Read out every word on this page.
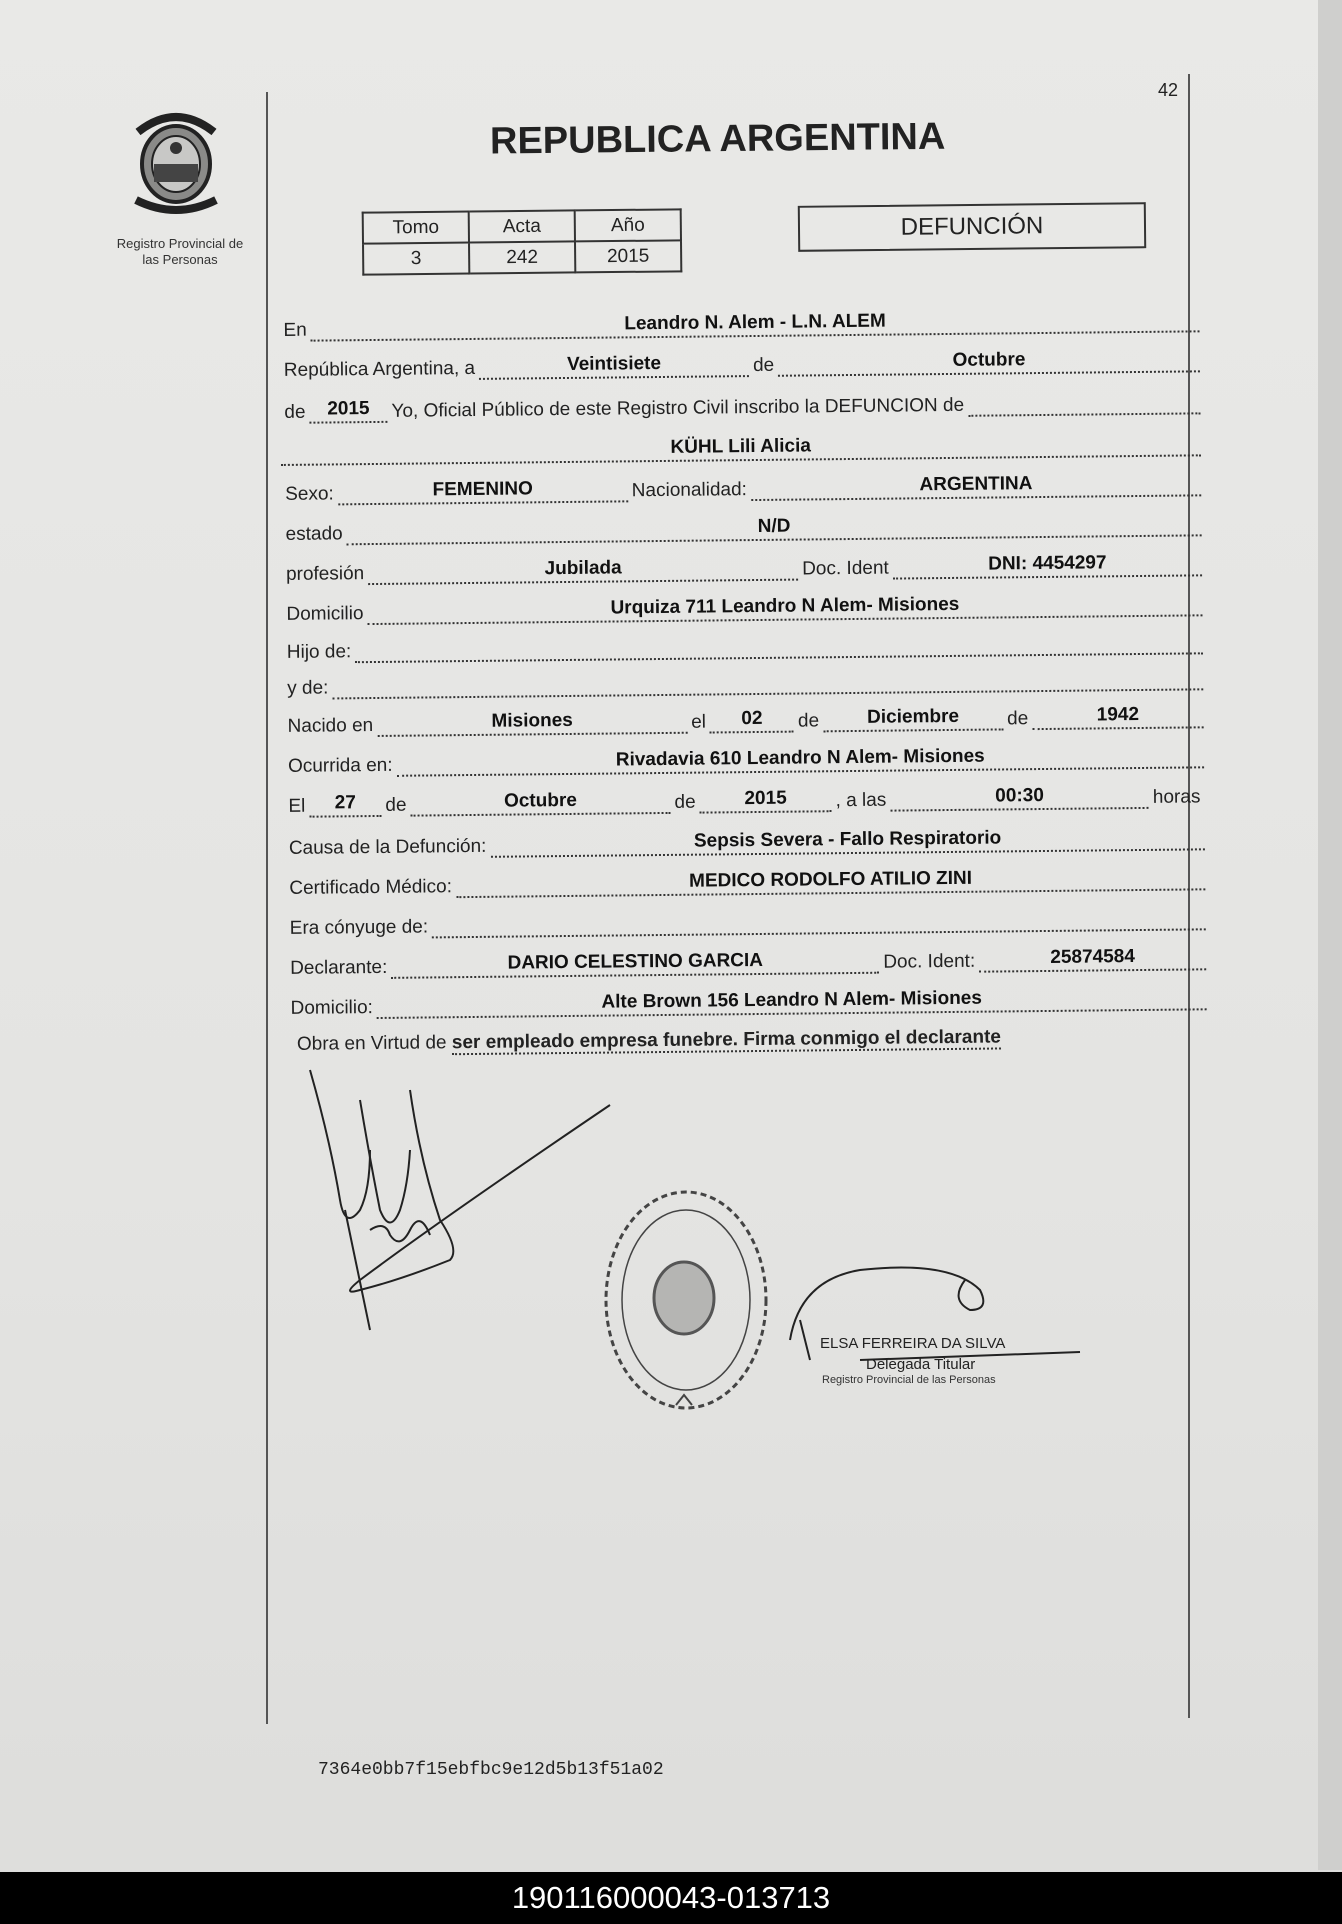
42
Registro Provincial de
las Personas
REPUBLICA ARGENTINA
Tomo	Acta	Año
3	242	2015
DEFUNCIÓN
En	Leandro N. Alem - L.N. ALEM
República Argentina, a	Veintisiete	de	Octubre
de	2015	Yo, Oficial Público de este Registro Civil inscribo la DEFUNCION de
KÜHL Lili Alicia
Sexo:	FEMENINO	Nacionalidad:	ARGENTINA
estado	N/D
profesión	Jubilada	Doc. Ident	DNI: 4454297
Domicilio	Urquiza 711 Leandro N Alem- Misiones
Hijo de:
y de:
Nacido en	Misiones	el	02	de	Diciembre	de	1942
Ocurrida en:	Rivadavia 610 Leandro N Alem- Misiones
El	27	de	Octubre	de	2015	, a las	00:30	horas
Causa de la Defunción:	Sepsis Severa - Fallo Respiratorio
Certificado Médico:	MEDICO RODOLFO ATILIO ZINI
Era cónyuge de:
Declarante:	DARIO CELESTINO GARCIA	Doc. Ident:	25874584
Domicilio:	Alte Brown 156 Leandro N Alem- Misiones
Obra en Virtud de ser empleado empresa funebre. Firma conmigo el declarante
ELSA FERREIRA DA SILVA
Delegada Titular
Registro Provincial de las Personas
7364e0bb7f15ebfbc9e12d5b13f51a02
190116000043-013713
